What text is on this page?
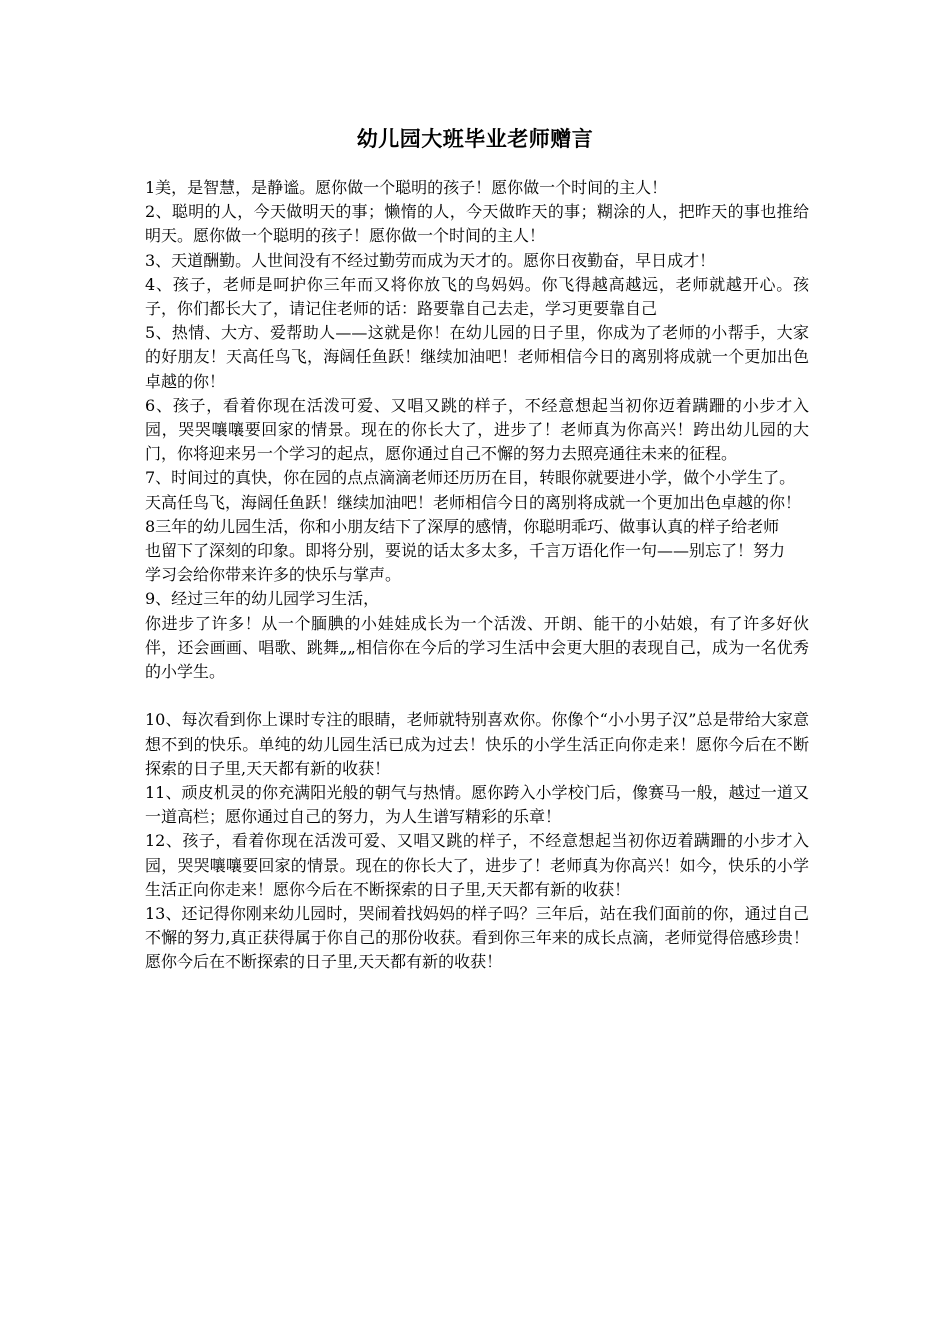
幼儿园大班毕业老师赠言

1美，是智慧，是静谧。愿你做一个聪明的孩子！愿你做一个时间的主人！

2、聪明的人，今天做明天的事；懒惰的人，今天做昨天的事；糊涂的人，把昨天的事也推给明天。愿你做一个聪明的孩子！愿你做一个时间的主人！

3、天道酬勤。人世间没有不经过勤劳而成为天才的。愿你日夜勤奋，早日成才！

4、孩子，老师是呵护你三年而又将你放飞的鸟妈妈。你飞得越高越远，老师就越开心。孩子，你们都长大了，请记住老师的话：路要靠自己去走，学习更要靠自己

5、热情、大方、爱帮助人——这就是你！在幼儿园的日子里，你成为了老师的小帮手，大家的好朋友！天高任鸟飞，海阔任鱼跃！继续加油吧！老师相信今日的离别将成就一个更加出色卓越的你！

6、孩子，看着你现在活泼可爱、又唱又跳的样子，不经意想起当初你迈着蹒跚的小步才入园，哭哭嚷嚷要回家的情景。现在的你长大了，进步了！老师真为你高兴！跨出幼儿园的大门，你将迎来另一个学习的起点，愿你通过自己不懈的努力去照亮通往未来的征程。

7、时间过的真快，你在园的点点滴滴老师还历历在目，转眼你就要进小学，做个小学生了。

天高任鸟飞，海阔任鱼跃！继续加油吧！老师相信今日的离别将成就一个更加出色卓越的你！

8三年的幼儿园生活，你和小朋友结下了深厚的感情，你聪明乖巧、做事认真的样子给老师

也留下了深刻的印象。即将分别，要说的话太多太多，千言万语化作一句——别忘了！努力

学习会给你带来许多的快乐与掌声。

9、经过三年的幼儿园学习生活，

你进步了许多！从一个腼腆的小娃娃成长为一个活泼、开朗、能干的小姑娘，有了许多好伙伴，还会画画、唱歌、跳舞„„相信你在今后的学习生活中会更大胆的表现自己，成为一名优秀的小学生。

10、每次看到你上课时专注的眼睛，老师就特别喜欢你。你像个“小小男子汉”总是带给大家意想不到的快乐。单纯的幼儿园生活已成为过去！快乐的小学生活正向你走来！愿你今后在不断探索的日子里,天天都有新的收获！

11、顽皮机灵的你充满阳光般的朝气与热情。愿你跨入小学校门后，像赛马一般，越过一道又一道高栏；愿你通过自己的努力，为人生谱写精彩的乐章！

12、孩子，看着你现在活泼可爱、又唱又跳的样子，不经意想起当初你迈着蹒跚的小步才入园，哭哭嚷嚷要回家的情景。现在的你长大了，进步了！老师真为你高兴！如今，快乐的小学生活正向你走来！愿你今后在不断探索的日子里,天天都有新的收获！

13、还记得你刚来幼儿园时，哭闹着找妈妈的样子吗？三年后，站在我们面前的你，通过自己不懈的努力,真正获得属于你自己的那份收获。看到你三年来的成长点滴，老师觉得倍感珍贵！愿你今后在不断探索的日子里,天天都有新的收获！
